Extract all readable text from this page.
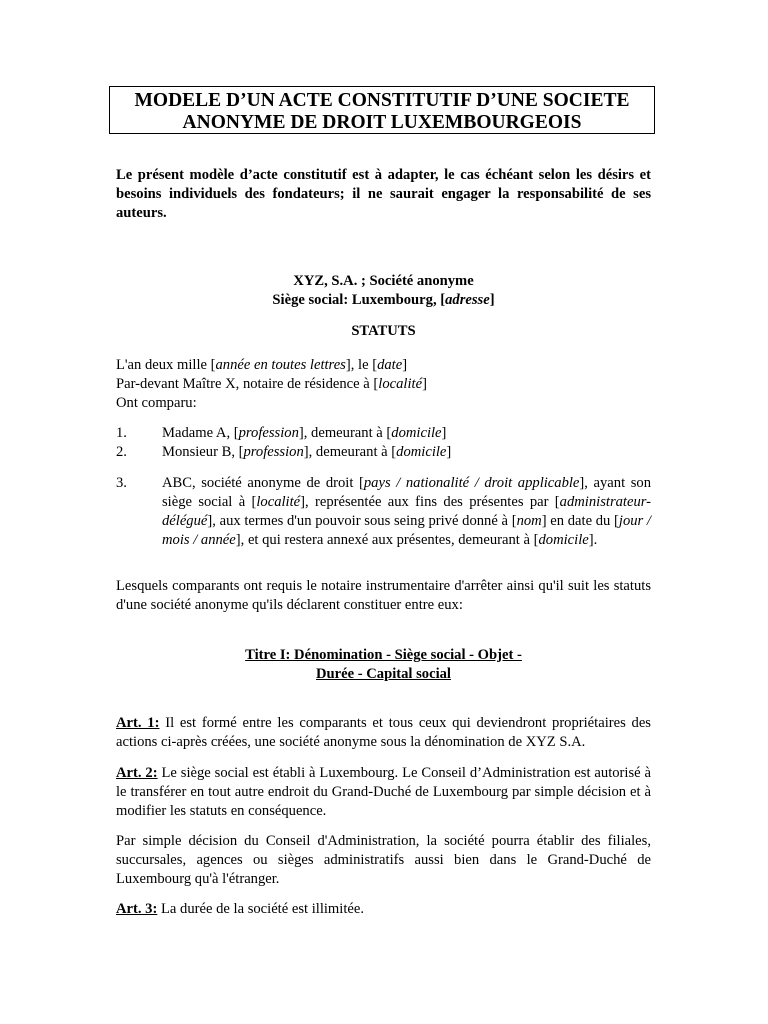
MODELE D’UN ACTE CONSTITUTIF D’UNE SOCIETE
ANONYME DE DROIT LUXEMBOURGEOIS
Le présent modèle d’acte constitutif est à adapter, le cas échéant selon les désirs et besoins individuels des fondateurs; il ne saurait engager la responsabilité de ses auteurs.
XYZ, S.A. ; Société anonyme
Siège social: Luxembourg, [adresse]
STATUTS
L'an deux mille [année en toutes lettres], le [date]
Par-devant Maître X, notaire de résidence à [localité]
Ont comparu:
1. Madame A, [profession], demeurant à [domicile]
2. Monsieur B, [profession], demeurant à [domicile]
3. ABC, société anonyme de droit [pays / nationalité / droit applicable], ayant son siège social à [localité], représentée aux fins des présentes par [administrateur-délégué], aux termes d'un pouvoir sous seing privé donné à [nom] en date du [jour / mois / année], et qui restera annexé aux présentes, demeurant à [domicile].
Lesquels comparants ont requis le notaire instrumentaire d'arrêter ainsi qu'il suit les statuts d'une société anonyme qu'ils déclarent constituer entre eux:
Titre I: Dénomination - Siège social - Objet -
Durée - Capital social
Art. 1: Il est formé entre les comparants et tous ceux qui deviendront propriétaires des actions ci-après créées, une société anonyme sous la dénomination de XYZ S.A.
Art. 2: Le siège social est établi à Luxembourg. Le Conseil d’Administration est autorisé à le transférer en tout autre endroit du Grand-Duché de Luxembourg par simple décision et à modifier les statuts en conséquence.
Par simple décision du Conseil d'Administration, la société pourra établir des filiales, succursales, agences ou sièges administratifs aussi bien dans le Grand-Duché de Luxembourg qu'à l'étranger.
Art. 3: La durée de la société est illimitée.
